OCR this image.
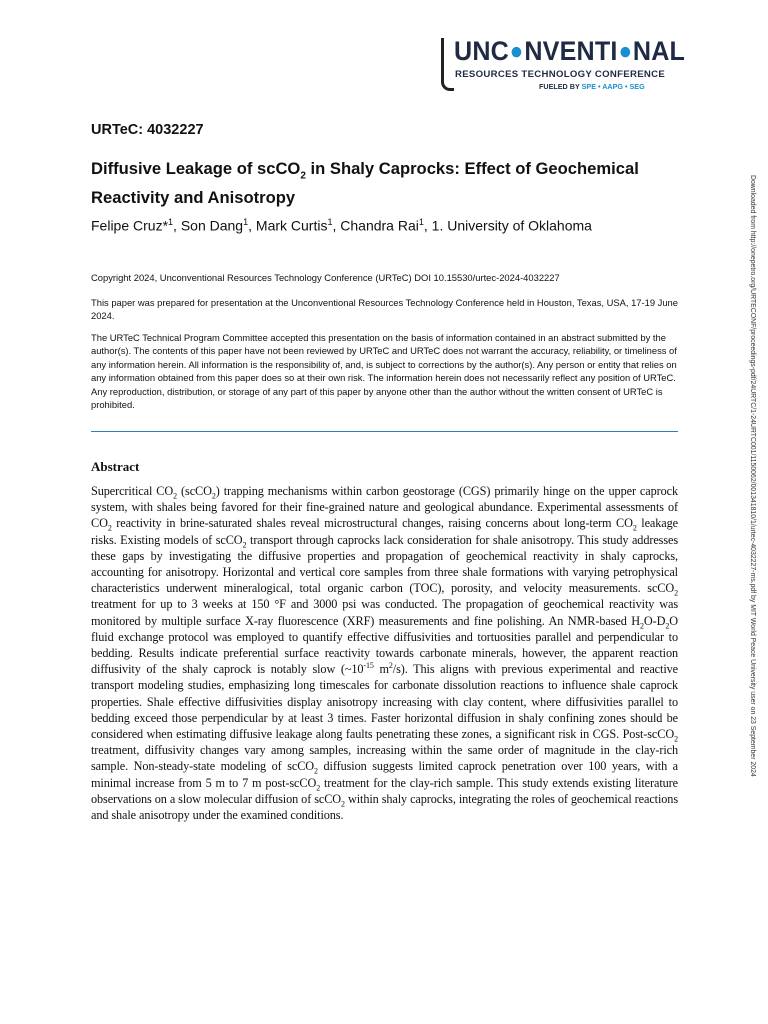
UNC●NVENTI●NAL
RESOURCES TECHNOLOGY CONFERENCE
FUELED BY SPE • AAPG • SEG
URTeC: 4032227
Diffusive Leakage of scCO$_2$ in Shaly Caprocks: Effect of Geochemical Reactivity and Anisotropy
Felipe Cruz*$^1$, Son Dang$^1$, Mark Curtis$^1$, Chandra Rai$^1$, 1. University of Oklahoma
Copyright 2024, Unconventional Resources Technology Conference (URTeC) DOI 10.15530/urtec-2024-4032227
This paper was prepared for presentation at the Unconventional Resources Technology Conference held in Houston, Texas, USA, 17-19 June 2024.
The URTeC Technical Program Committee accepted this presentation on the basis of information contained in an abstract submitted by the author(s). The contents of this paper have not been reviewed by URTeC and URTeC does not warrant the accuracy, reliability, or timeliness of any information herein. All information is the responsibility of, and, is subject to corrections by the author(s). Any person or entity that relies on any information obtained from this paper does so at their own risk. The information herein does not necessarily reflect any position of URTeC. Any reproduction, distribution, or storage of any part of this paper by anyone other than the author without the written consent of URTeC is prohibited.
Abstract
Supercritical $CO_2$ (scCO$_2$) trapping mechanisms within carbon geostorage (CGS) primarily hinge on the upper caprock system, with shales being favored for their fine-grained nature and geological abundance. Experimental assessments of $CO_2$ reactivity in brine-saturated shales reveal microstructural changes, raising concerns about long-term $CO_2$ leakage risks. Existing models of scCO$_2$ transport through caprocks lack consideration for shale anisotropy. This study addresses these gaps by investigating the diffusive properties and propagation of geochemical reactivity in shaly caprocks, accounting for anisotropy. Horizontal and vertical core samples from three shale formations with varying petrophysical characteristics underwent mineralogical, total organic carbon (TOC), porosity, and velocity measurements. scCO$_2$ treatment for up to 3 weeks at 150 °F and 3000 psi was conducted. The propagation of geochemical reactivity was monitored by multiple surface X-ray fluorescence (XRF) measurements and fine polishing. An NMR-based $H_2O-D_2O$ fluid exchange protocol was employed to quantify effective diffusivities and tortuosities parallel and perpendicular to bedding. Results indicate preferential surface reactivity towards carbonate minerals, however, the apparent reaction diffusivity of the shaly caprock is notably slow ($\sim 10^{-15}$ $m^2/s$). This aligns with previous experimental and reactive transport modeling studies, emphasizing long timescales for carbonate dissolution reactions to influence shale caprock properties. Shale effective diffusivities display anisotropy increasing with clay content, where diffusivities parallel to bedding exceed those perpendicular by at least 3 times. Faster horizontal diffusion in shaly confining zones should be considered when estimating diffusive leakage along faults penetrating these zones, a significant risk in CGS. Post-scCO$_2$ treatment, diffusivity changes vary among samples, increasing within the same order of magnitude in the clay-rich sample. Non-steady-state modeling of scCO$_2$ diffusion suggests limited caprock penetration over 100 years, with a minimal increase from 5 m to 7 m post-scCO$_2$ treatment for the clay-rich sample. This study extends existing literature observations on a slow molecular diffusion of scCO$_2$ within shaly caprocks, integrating the roles of geochemical reactions and shale anisotropy under the examined conditions.
Downloaded from http://onepetro.org/URTECONF/proceedings-pdf/24URTC/1-24URTC001/1150062/001341810/1/urtec-4032227-ms.pdf by MIT World Peace University user on 23 September 2024
